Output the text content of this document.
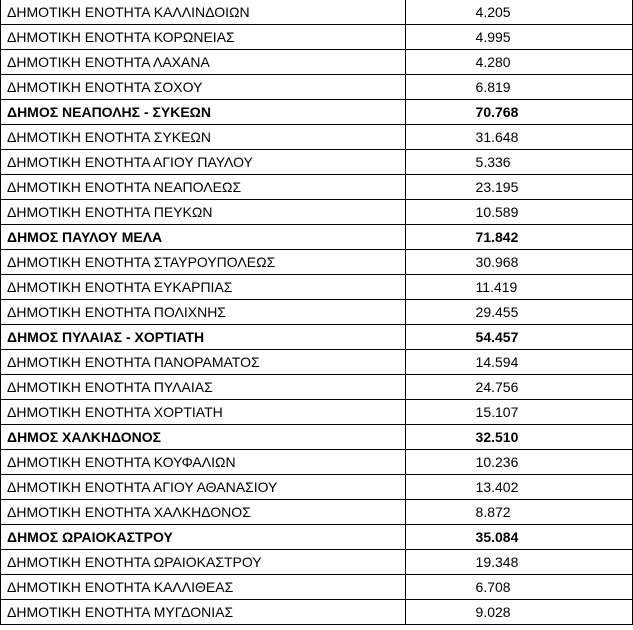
ΔΗΜΟΤΙΚΗ ΕΝΟΤΗΤΑ ΚΑΛΛΙΝΔΟΙΩΝ	4.205
ΔΗΜΟΤΙΚΗ ΕΝΟΤΗΤΑ ΚΟΡΩΝΕΙΑΣ	4.995
ΔΗΜΟΤΙΚΗ ΕΝΟΤΗΤΑ ΛΑΧΑΝΑ	4.280
ΔΗΜΟΤΙΚΗ ΕΝΟΤΗΤΑ ΣΟΧΟΥ	6.819
ΔΗΜΟΣ ΝΕΑΠΟΛΗΣ - ΣΥΚΕΩΝ	70.768
ΔΗΜΟΤΙΚΗ ΕΝΟΤΗΤΑ ΣΥΚΕΩΝ	31.648
ΔΗΜΟΤΙΚΗ ΕΝΟΤΗΤΑ ΑΓΙΟΥ ΠΑΥΛΟΥ	5.336
ΔΗΜΟΤΙΚΗ ΕΝΟΤΗΤΑ ΝΕΑΠΟΛΕΩΣ	23.195
ΔΗΜΟΤΙΚΗ ΕΝΟΤΗΤΑ ΠΕΥΚΩΝ	10.589
ΔΗΜΟΣ ΠΑΥΛΟΥ ΜΕΛΑ	71.842
ΔΗΜΟΤΙΚΗ ΕΝΟΤΗΤΑ ΣΤΑΥΡΟΥΠΟΛΕΩΣ	30.968
ΔΗΜΟΤΙΚΗ ΕΝΟΤΗΤΑ ΕΥΚΑΡΠΙΑΣ	11.419
ΔΗΜΟΤΙΚΗ ΕΝΟΤΗΤΑ ΠΟΛΙΧΝΗΣ	29.455
ΔΗΜΟΣ ΠΥΛΑΙΑΣ - ΧΟΡΤΙΑΤΗ	54.457
ΔΗΜΟΤΙΚΗ ΕΝΟΤΗΤΑ ΠΑΝΟΡΑΜΑΤΟΣ	14.594
ΔΗΜΟΤΙΚΗ ΕΝΟΤΗΤΑ ΠΥΛΑΙΑΣ	24.756
ΔΗΜΟΤΙΚΗ ΕΝΟΤΗΤΑ ΧΟΡΤΙΑΤΗ	15.107
ΔΗΜΟΣ ΧΑΛΚΗΔΟΝΟΣ	32.510
ΔΗΜΟΤΙΚΗ ΕΝΟΤΗΤΑ ΚΟΥΦΑΛΙΩΝ	10.236
ΔΗΜΟΤΙΚΗ ΕΝΟΤΗΤΑ ΑΓΙΟΥ ΑΘΑΝΑΣΙΟΥ	13.402
ΔΗΜΟΤΙΚΗ ΕΝΟΤΗΤΑ ΧΑΛΚΗΔΟΝΟΣ	8.872
ΔΗΜΟΣ ΩΡΑΙΟΚΑΣΤΡΟΥ	35.084
ΔΗΜΟΤΙΚΗ ΕΝΟΤΗΤΑ ΩΡΑΙΟΚΑΣΤΡΟΥ	19.348
ΔΗΜΟΤΙΚΗ ΕΝΟΤΗΤΑ ΚΑΛΛΙΘΕΑΣ	6.708
ΔΗΜΟΤΙΚΗ ΕΝΟΤΗΤΑ ΜΥΓΔΟΝΙΑΣ	9.028
